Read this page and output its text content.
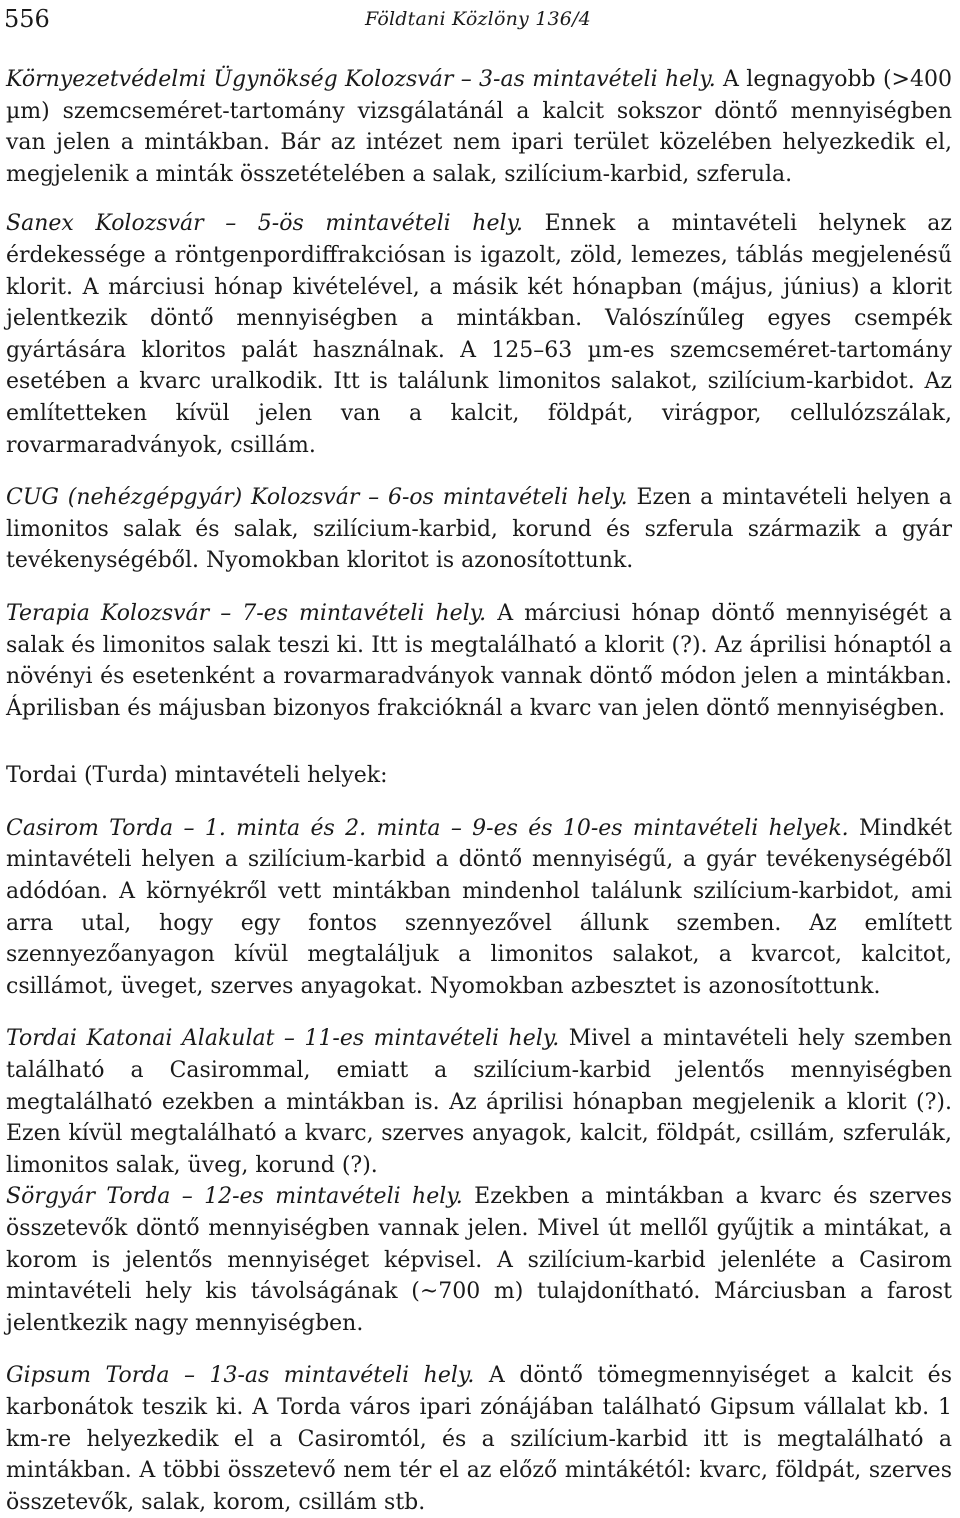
556	Földtani Közlöny 136/4

Környezetvédelmi Ügynökség Kolozsvár – 3-as mintavételi hely. A legnagyobb (>400 µm) szemcseméret-tartomány vizsgálatánál a kalcit sokszor döntő mennyiségben van jelen a mintákban. Bár az intézet nem ipari terület közelében helyezkedik el, megjelenik a minták összetételében a salak, szilícium-karbid, szferula.

Sanex Kolozsvár – 5-ös mintavételi hely. Ennek a mintavételi helynek az érdekessége a röntgenpordiffrakciósan is igazolt, zöld, lemezes, táblás megjelenésű klorit. A márciusi hónap kivételével, a másik két hónapban (május, június) a klorit jelentkezik döntő mennyiségben a mintákban. Valószínűleg egyes csempék gyártására kloritos palát használnak. A 125–63 µm-es szemcseméret-tartomány esetében a kvarc uralkodik. Itt is találunk limonitos salakot, szilícium-karbidot. Az említetteken kívül jelen van a kalcit, földpát, virágpor, cellulózszálak, rovarmaradványok, csillám.

CUG (nehézgépgyár) Kolozsvár – 6-os mintavételi hely. Ezen a mintavételi helyen a limonitos salak és salak, szilícium-karbid, korund és szferula származik a gyár tevékenységéből. Nyomokban kloritot is azonosítottunk.

Terapia Kolozsvár – 7-es mintavételi hely. A márciusi hónap döntő mennyiségét a salak és limonitos salak teszi ki. Itt is megtalálható a klorit (?). Az áprilisi hónaptól a növényi és esetenként a rovarmaradványok vannak döntő módon jelen a mintákban. Áprilisban és májusban bizonyos frakcióknál a kvarc van jelen döntő mennyiségben.

Tordai (Turda) mintavételi helyek:

Casirom Torda – 1. minta és 2. minta – 9-es és 10-es mintavételi helyek. Mindkét mintavételi helyen a szilícium-karbid a döntő mennyiségű, a gyár tevékenységéből adódóan. A környékről vett mintákban mindenhol találunk szilícium-karbidot, ami arra utal, hogy egy fontos szennyezővel állunk szemben. Az említett szennyezőanyagon kívül megtaláljuk a limonitos salakot, a kvarcot, kalcitot, csillámot, üveget, szerves anyagokat. Nyomokban azbesztet is azonosítottunk.

Tordai Katonai Alakulat – 11-es mintavételi hely. Mivel a mintavételi hely szemben található a Casirommal, emiatt a szilícium-karbid jelentős mennyiségben megtalálható ezekben a mintákban is. Az áprilisi hónapban megjelenik a klorit (?). Ezen kívül megtalálható a kvarc, szerves anyagok, kalcit, földpát, csillám, szferulák, limonitos salak, üveg, korund (?).

Sörgyár Torda – 12-es mintavételi hely. Ezekben a mintákban a kvarc és szerves összetevők döntő mennyiségben vannak jelen. Mivel út mellől gyűjtik a mintákat, a korom is jelentős mennyiséget képvisel. A szilícium-karbid jelenléte a Casirom mintavételi hely kis távolságának (~700 m) tulajdonítható. Márciusban a farost jelentkezik nagy mennyiségben.

Gipsum Torda – 13-as mintavételi hely. A döntő tömegmennyiséget a kalcit és karbonátok teszik ki. A Torda város ipari zónájában található Gipsum vállalat kb. 1 km-re helyezkedik el a Casiromtól, és a szilícium-karbid itt is megtalálható a mintákban. A többi összetevő nem tér el az előző mintákétól: kvarc, földpát, szerves összetevők, salak, korom, csillám stb.
